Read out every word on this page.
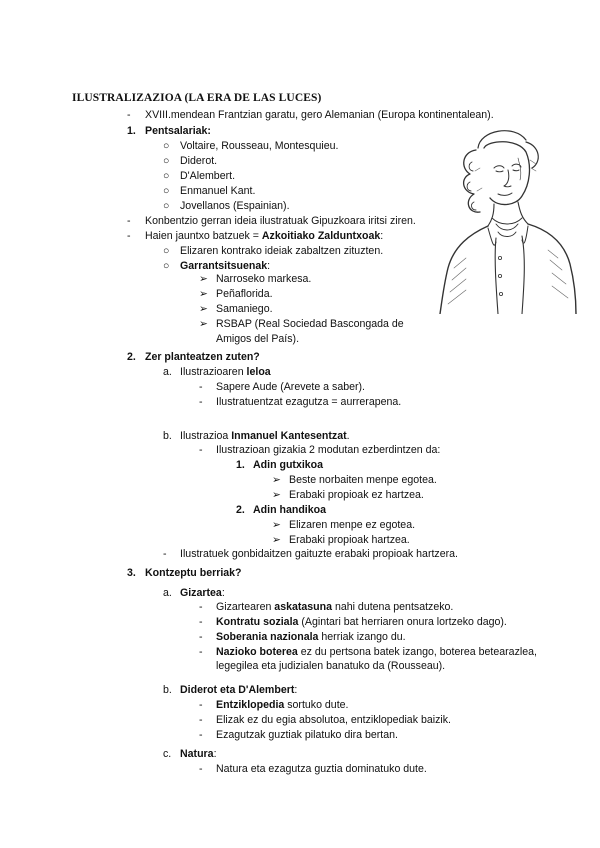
ILUSTRALIZAZIOA (LA ERA DE LAS LUCES)
- XVIII.mendean Frantzian garatu, gero Alemanian (Europa kontinentalean).
1. Pentsalariak:
○ Voltaire, Rousseau, Montesquieu.
○ Diderot.
○ D'Alembert.
○ Enmanuel Kant.
○ Jovellanos (Espainian).
- Konbentzio gerran ideia ilustratuak Gipuzkoara iritsi ziren.
- Haien jauntxo batzuek = Azkoitiako Zalduntxoak:
○ Elizaren kontrako ideiak zabaltzen zituzten.
○ Garrantsitsuenak:
➢ Narroseko markesa.
➢ Peñaflorida.
➢ Samaniego.
➢ RSBAP (Real Sociedad Bascongada de
Amigos del País).
2. Zer planteatzen zuten?
a. Ilustrazioaren leloa
- Sapere Aude (Arevete a saber).
- Ilustratuentzat ezagutza = aurrerapena.
b. Ilustrazioa Inmanuel Kantesentzat.
- Ilustrazioan gizakia 2 modutan ezberdintzen da:
1. Adin gutxikoa
➢ Beste norbaiten menpe egotea.
➢ Erabaki propioak ez hartzea.
2. Adin handikoa
➢ Elizaren menpe ez egotea.
➢ Erabaki propioak hartzea.
- Ilustratuek gonbidaitzen gaituzte erabaki propioak hartzera.
3. Kontzeptu berriak?
a. Gizartea:
- Gizartearen askatasuna nahi dutena pentsatzeko.
- Kontratu soziala (Agintari bat herriaren onura lortzeko dago).
- Soberania nazionala herriak izango du.
- Nazioko boterea ez du pertsona batek izango, boterea betearazlea,
legegilea eta judizialen banatuko da (Rousseau).
b. Diderot eta D'Alembert:
- Entziklopedia sortuko dute.
- Elizak ez du egia absolutoa, entziklopediak baizik.
- Ezagutzak guztiak pilatuko dira bertan.
c. Natura:
- Natura eta ezagutza guztia dominatuko dute.
